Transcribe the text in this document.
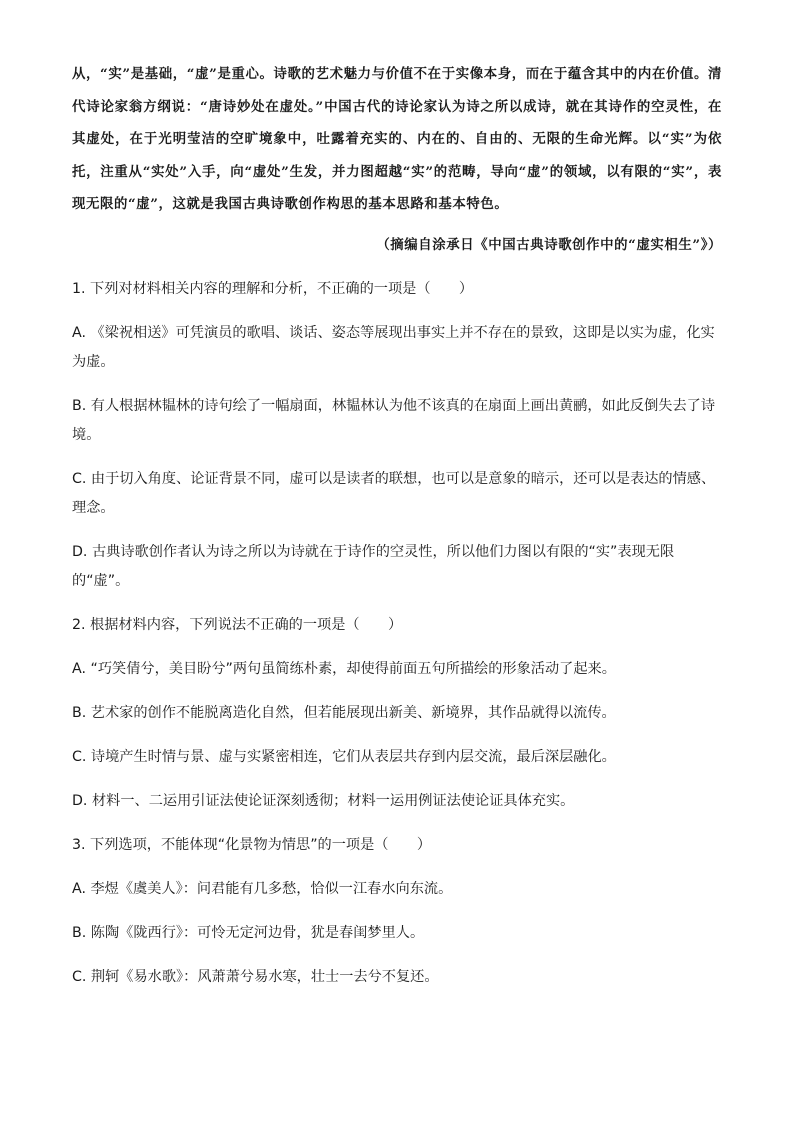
从，“实”是基础，“虚”是重心。诗歌的艺术魅力与价值不在于实像本身，而在于蕴含其中的内在价值。清代诗论家翁方纲说：“唐诗妙处在虚处。”中国古代的诗论家认为诗之所以成诗，就在其诗作的空灵性，在其虚处，在于光明莹洁的空旷境象中，吐露着充实的、内在的、自由的、无限的生命光辉。以“实”为依托，注重从“实处”入手，向“虚处”生发，并力图超越“实”的范畴，导向“虚”的领域，以有限的“实”，表现无限的“虚”，这就是我国古典诗歌创作构思的基本思路和基本特色。

（摘编自涂承日《中国古典诗歌创作中的“虚实相生”》）

1. 下列对材料相关内容的理解和分析，不正确的一项是（　　）

A. 《梁祝相送》可凭演员的歌唱、谈话、姿态等展现出事实上并不存在的景致，这即是以实为虚，化实为虚。

B. 有人根据林韫林的诗句绘了一幅扇面，林韫林认为他不该真的在扇面上画出黄鹂，如此反倒失去了诗境。

C. 由于切入角度、论证背景不同，虚可以是读者的联想，也可以是意象的暗示，还可以是表达的情感、理念。

D. 古典诗歌创作者认为诗之所以为诗就在于诗作的空灵性，所以他们力图以有限的“实”表现无限的“虚”。

2. 根据材料内容，下列说法不正确的一项是（　　）

A. “巧笑倩兮，美目盼兮”两句虽简练朴素，却使得前面五句所描绘的形象活动了起来。

B. 艺术家的创作不能脱离造化自然，但若能展现出新美、新境界，其作品就得以流传。

C. 诗境产生时情与景、虚与实紧密相连，它们从表层共存到内层交流，最后深层融化。

D. 材料一、二运用引证法使论证深刻透彻；材料一运用例证法使论证具体充实。

3. 下列选项，不能体现“化景物为情思”的一项是（　　）

A. 李煜《虞美人》：问君能有几多愁，恰似一江春水向东流。

B. 陈陶《陇西行》：可怜无定河边骨，犹是春闺梦里人。

C. 荆轲《易水歌》：风萧萧兮易水寒，壮士一去兮不复还。
